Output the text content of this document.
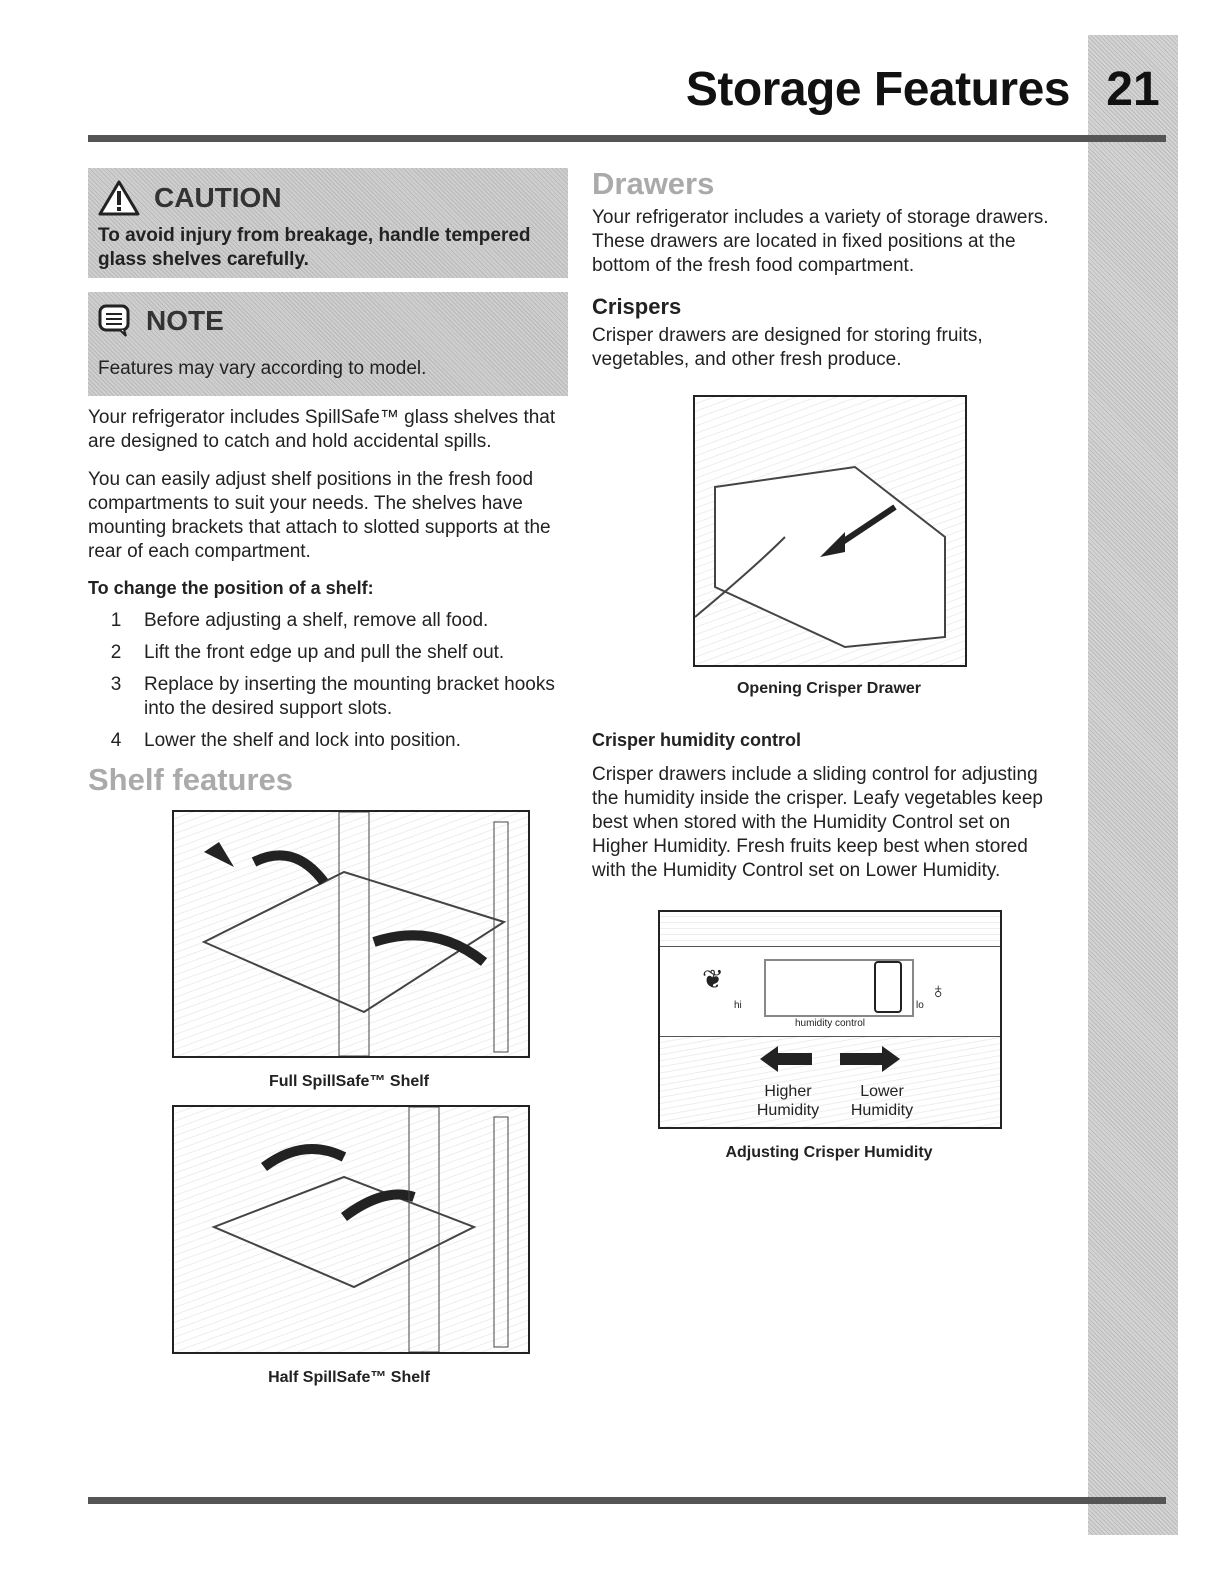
Storage Features 21
CAUTION
To avoid injury from breakage, handle tempered glass shelves carefully.
NOTE
Features may vary according to model.

Your refrigerator includes SpillSafe™ glass shelves that are designed to catch and hold accidental spills.

You can easily adjust shelf positions in the fresh food compartments to suit your needs. The shelves have mounting brackets that attach to slotted supports at the rear of each compartment.

To change the position of a shelf:
1	Before adjusting a shelf, remove all food.
2	Lift the front edge up and pull the shelf out.
3	Replace by inserting the mounting bracket hooks into the desired support slots.
4	Lower the shelf and lock into position.
Shelf features
Full SpillSafe™ Shelf
Half SpillSafe™ Shelf
Drawers

Your refrigerator includes a variety of storage drawers. These drawers are located in fixed positions at the bottom of the fresh food compartment.

Crispers

Crisper drawers are designed for storing fruits, vegetables, and other fresh produce.

Opening Crisper Drawer
Crisper humidity control

Crisper drawers include a sliding control for adjusting the humidity inside the crisper. Leafy vegetables keep best when stored with the Humidity Control set on Higher Humidity. Fresh fruits keep best when stored with the Humidity Control set on Lower Humidity.

❦
hi	lo
♁
humidity control
Higher Humidity
Lower Humidity
Adjusting Crisper Humidity
